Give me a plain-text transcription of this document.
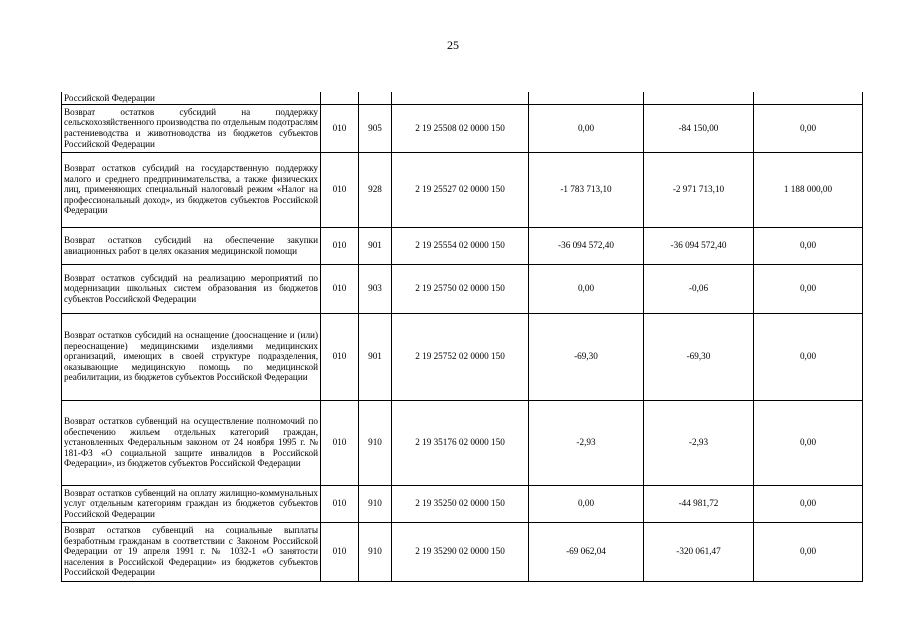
25
Российской Федерации						
Возврат остатков субсидий на поддержку сельскохозяйственного производства по отдельным подотраслям растениеводства и животноводства из бюджетов субъектов Российской Федерации	010	905	2 19 25508 02 0000 150	0,00	-84 150,00	0,00
Возврат остатков субсидий на государственную поддержку малого и среднего предпринимательства, а также физических лиц, применяющих специальный налоговый режим «Налог на профессиональный доход», из бюджетов субъектов Российской Федерации	010	928	2 19 25527 02 0000 150	-1 783 713,10	-2 971 713,10	1 188 000,00
Возврат остатков субсидий на обеспечение закупки авиационных работ в целях оказания медицинской помощи	010	901	2 19 25554 02 0000 150	-36 094 572,40	-36 094 572,40	0,00
Возврат остатков субсидий на реализацию мероприятий по модернизации школьных систем образования из бюджетов субъектов Российской Федерации	010	903	2 19 25750 02 0000 150	0,00	-0,06	0,00
Возврат остатков субсидий на оснащение (дооснащение и (или) переоснащение) медицинскими изделиями медицинских организаций, имеющих в своей структуре подразделения, оказывающие медицинскую помощь по медицинской реабилитации, из бюджетов субъектов Российской Федерации	010	901	2 19 25752 02 0000 150	-69,30	-69,30	0,00
Возврат остатков субвенций на осуществление полномочий по обеспечению жильем отдельных категорий граждан, установленных Федеральным законом от 24 ноября 1995 г. № 181-ФЗ «О социальной защите инвалидов в Российской Федерации», из бюджетов субъектов Российской Федерации	010	910	2 19 35176 02 0000 150	-2,93	-2,93	0,00
Возврат остатков субвенций на оплату жилищно-коммунальных услуг отдельным категориям граждан из бюджетов субъектов Российской Федерации	010	910	2 19 35250 02 0000 150	0,00	-44 981,72	0,00
Возврат остатков субвенций на социальные выплаты безработным гражданам в соответствии с Законом Российской Федерации от 19 апреля 1991 г. № 1032-1 «О занятости населения в Российской Федерации» из бюджетов субъектов Российской Федерации	010	910	2 19 35290 02 0000 150	-69 062,04	-320 061,47	0,00
